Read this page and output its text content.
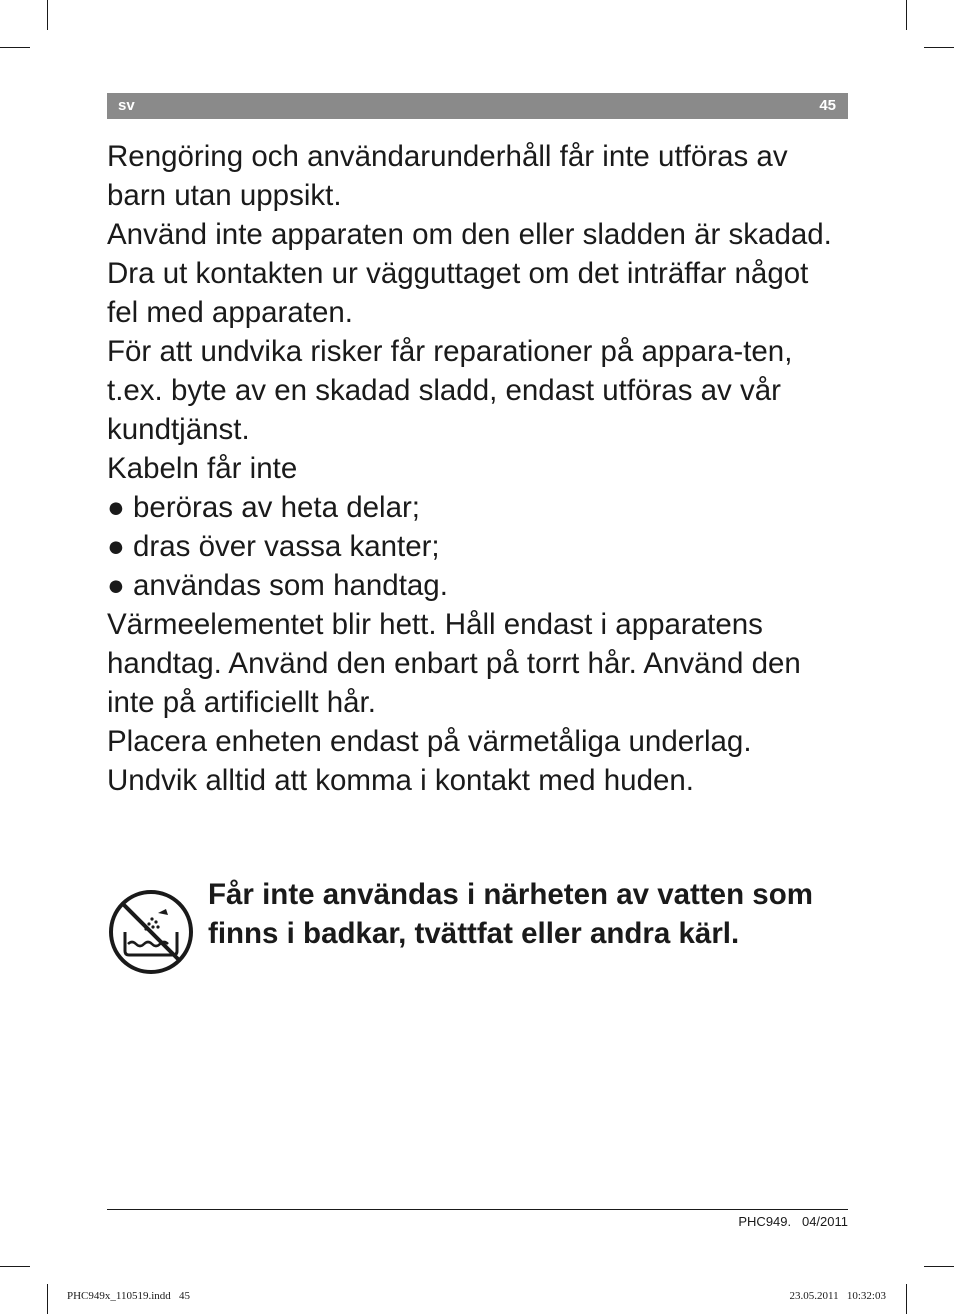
sv	45

Rengöring och användarunderhåll får inte utföras av barn utan uppsikt.

Använd inte apparaten om den eller sladden är skadad.

Dra ut kontakten ur vägguttaget om det inträffar något fel med apparaten.

För att undvika risker får reparationer på appara-ten, t.ex. byte av en skadad sladd, endast utföras av vår kundtjänst.

Kabeln får inte

● beröras av heta delar;

● dras över vassa kanter;

● användas som handtag.

Värmeelementet blir hett. Håll endast i apparatens handtag. Använd den enbart på torrt hår. Använd den inte på artificiellt hår.

Placera enheten endast på värmetåliga underlag.

Undvik alltid att komma i kontakt med huden.

Får inte användas i närheten av vatten som finns i badkar, tvättfat eller andra kärl.
PHC949.   04/2011
PHC949x_110519.indd   45	23.05.2011   10:32:03
